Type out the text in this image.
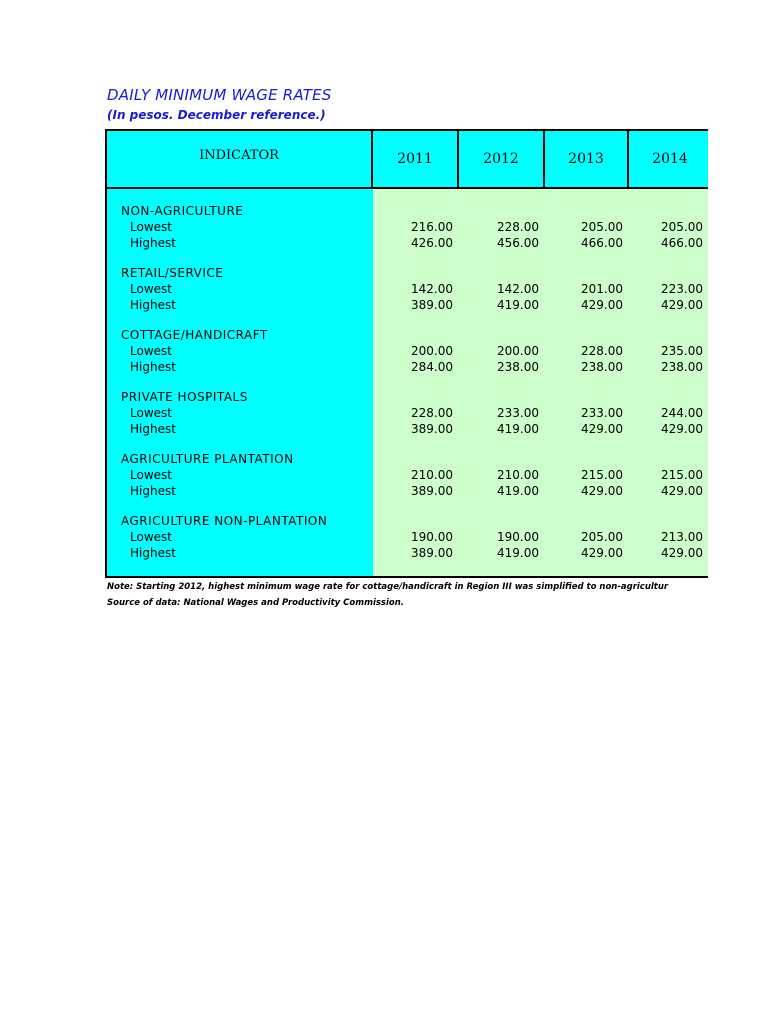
DAILY MINIMUM WAGE RATES
(In pesos. December reference.)
INDICATOR	2011	2012	2013	2014
NON-AGRICULTURE
Lowest	216.00	228.00	205.00	205.00
Highest	426.00	456.00	466.00	466.00
RETAIL/SERVICE
Lowest	142.00	142.00	201.00	223.00
Highest	389.00	419.00	429.00	429.00
COTTAGE/HANDICRAFT
Lowest	200.00	200.00	228.00	235.00
Highest	284.00	238.00	238.00	238.00
PRIVATE HOSPITALS
Lowest	228.00	233.00	233.00	244.00
Highest	389.00	419.00	429.00	429.00
AGRICULTURE PLANTATION
Lowest	210.00	210.00	215.00	215.00
Highest	389.00	419.00	429.00	429.00
AGRICULTURE NON-PLANTATION
Lowest	190.00	190.00	205.00	213.00
Highest	389.00	419.00	429.00	429.00
Note: Starting 2012, highest minimum wage rate for cottage/handicraft in Region III was simplified to non-agricultur
Source of data: National Wages and Productivity Commission.
